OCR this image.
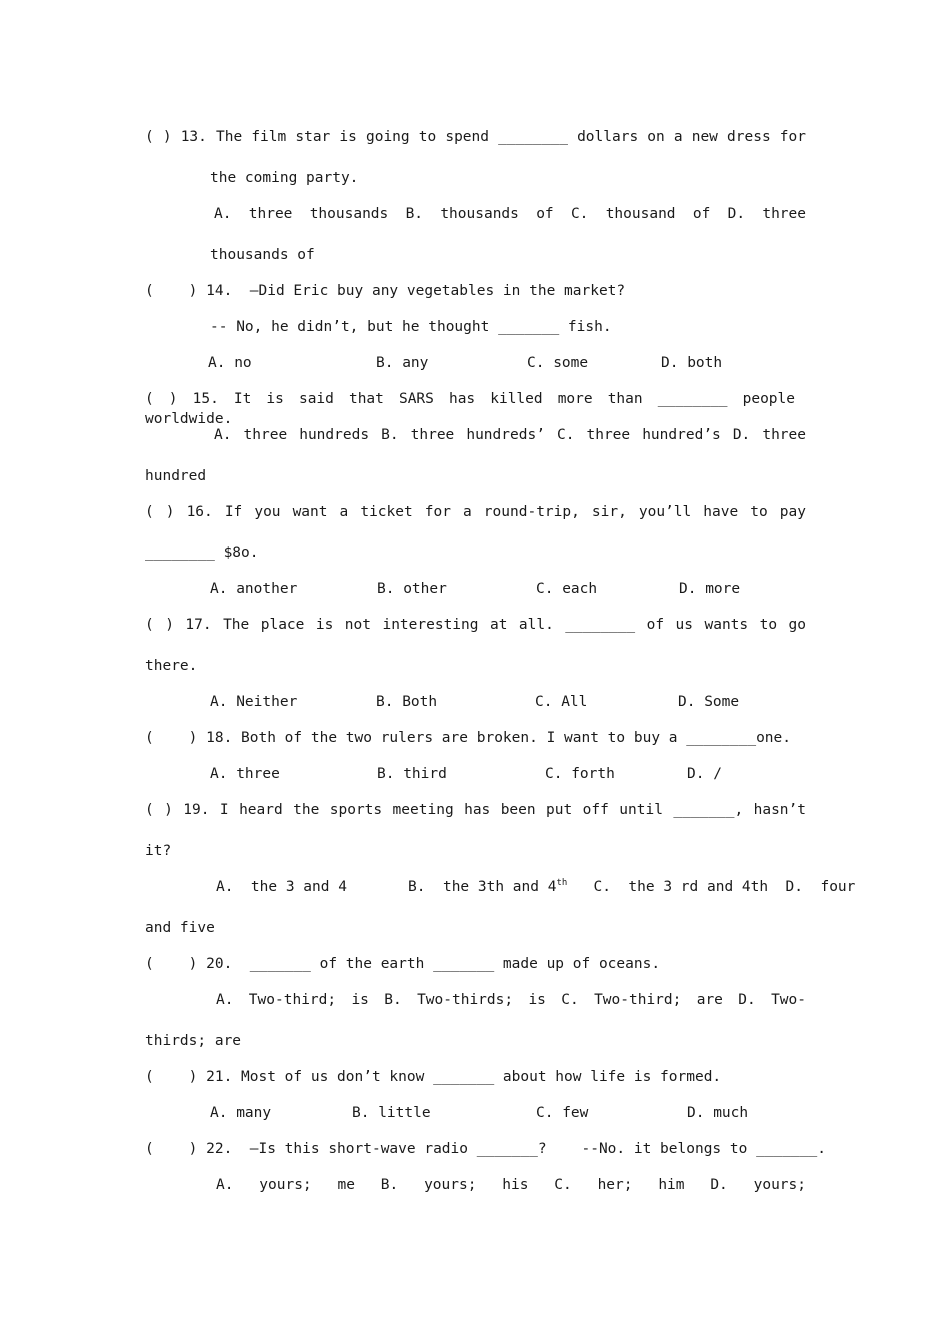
( ) 13. The film star is going to spend ________ dollars on a new dress for
the coming party.
A. three thousands B. thousands of C. thousand of D. three
thousands of
(    ) 14.  –Did Eric buy any vegetables in the market?
-- No, he didn’t, but he thought _______ fish.
A. no	B. any	C. some	D. both
( ) 15. It is said that SARS has killed more than ________ people worldwide.
A. three hundreds B. three hundreds’ C. three hundred’s D. three
hundred
( ) 16. If you want a ticket for a round-trip, sir, you’ll have to pay
________ $8o.
A. another	B. other	C. each	D. more
( ) 17. The place is not interesting at all. ________ of us wants to go
there.
A. Neither	B. Both	C. All	D. Some
(    ) 18. Both of the two rulers are broken. I want to buy a ________one.
A. three	B. third	C. forth	D. /
( ) 19. I heard the sports meeting has been put off until _______, hasn’t
it?
A.  the 3 and 4       B.  the 3th and 4th   C.  the 3 rd and 4th  D.  four
and five
(    ) 20.  _______ of the earth _______ made up of oceans.
A. Two-third; is B. Two-thirds; is C. Two-third; are D. Two-
thirds; are
(    ) 21. Most of us don’t know _______ about how life is formed.
A. many	B. little	C. few	D. much
(    ) 22.  –Is this short-wave radio _______?    --No. it belongs to _______.
A. yours; me B. yours; his C. her; him D. yours;
